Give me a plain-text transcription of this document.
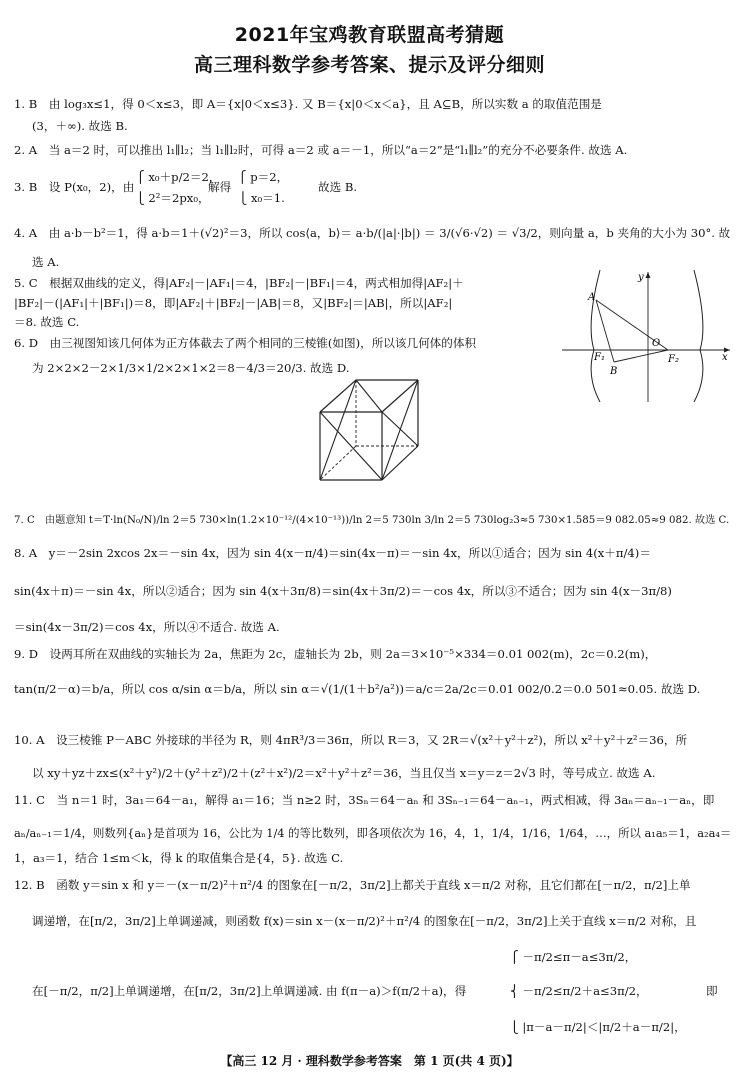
2021年宝鸡教育联盟高考猜题
高三理科数学参考答案、提示及评分细则
1. B　由 log₃x≤1，得 0＜x≤3，即 A＝{x|0＜x≤3}. 又 B＝{x|0＜x＜a}，且 A⊆B，所以实数 a 的取值范围是
(3，＋∞). 故选 B.
2. A　当 a＝2 时，可以推出 l₁∥l₂；当 l₁∥l₂时，可得 a＝2 或 a＝－1，所以“a＝2”是“l₁∥l₂”的充分不必要条件. 故选 A.
⎧ x₀＋p/2＝2，　　⎧ p＝2，
3. B　设 P(x₀，2)，由	解得	故选 B.
⎩ 2²＝2px₀，　　　⎩ x₀＝1.
4. A　由 a·b－b²＝1，得 a·b＝1＋(√2)²＝3，所以 cos⟨a，b⟩＝ a·b/(|a|·|b|) ＝ 3/(√6·√2) ＝ √3/2，则向量 a，b 夹角的大小为 30°. 故
选 A.
5. C　根据双曲线的定义，得|AF₂|－|AF₁|＝4，|BF₂|－|BF₁|＝4，两式相加得|AF₂|＋
|BF₂|－(|AF₁|＋|BF₁|)＝8，即|AF₂|＋|BF₂|－|AB|＝8，又|BF₂|＝|AB|，所以|AF₂|
＝8. 故选 C.
6. D　由三视图知该几何体为正方体截去了两个相同的三棱锥(如图)，所以该几何体的体积
为 2×2×2－2×1/3×1/2×2×1×2＝8－4/3＝20/3. 故选 D.
7. C　由题意知 t＝T·ln(N₀/N)/ln 2＝5 730×ln(1.2×10⁻¹²/(4×10⁻¹³))/ln 2＝5 730ln 3/ln 2＝5 730log₂3≈5 730×1.585＝9 082.05≈9 082. 故选 C.
8. A　y＝－2sin 2xcos 2x＝－sin 4x，因为 sin 4(x－π/4)＝sin(4x－π)＝－sin 4x，所以①适合；因为 sin 4(x＋π/4)＝
sin(4x＋π)＝－sin 4x，所以②适合；因为 sin 4(x＋3π/8)＝sin(4x＋3π/2)＝－cos 4x，所以③不适合；因为 sin 4(x－3π/8)
＝sin(4x－3π/2)＝cos 4x，所以④不适合. 故选 A.
9. D　设两耳所在双曲线的实轴长为 2a，焦距为 2c，虚轴长为 2b，则 2a＝3×10⁻⁵×334＝0.01 002(m)，2c＝0.2(m)，
tan(π/2－α)＝b/a，所以 cos α/sin α＝b/a，所以 sin α＝√(1/(1＋b²/a²))＝a/c＝2a/2c＝0.01 002/0.2＝0.0 501≈0.05. 故选 D.
10. A　设三棱锥 P－ABC 外接球的半径为 R，则 4πR³/3＝36π，所以 R＝3，又 2R＝√(x²＋y²＋z²)，所以 x²＋y²＋z²＝36，所
以 xy＋yz＋zx≤(x²＋y²)/2＋(y²＋z²)/2＋(z²＋x²)/2＝x²＋y²＋z²＝36，当且仅当 x＝y＝z＝2√3 时，等号成立. 故选 A.
11. C　当 n＝1 时，3a₁＝64－a₁，解得 a₁＝16；当 n≥2 时，3Sₙ＝64－aₙ 和 3Sₙ₋₁＝64－aₙ₋₁，两式相减，得 3aₙ＝aₙ₋₁－aₙ，即
aₙ/aₙ₋₁＝1/4，则数列{aₙ}是首项为 16，公比为 1/4 的等比数列，即各项依次为 16，4，1，1/4，1/16，1/64，…，所以 a₁a₅＝1，a₂a₄＝
1，a₃＝1，结合 1≤m＜k，得 k 的取值集合是{4，5}. 故选 C.
12. B　函数 y＝sin x 和 y＝－(x－π/2)²＋π²/4 的图象在[－π/2，3π/2]上都关于直线 x＝π/2 对称，且它们都在[－π/2，π/2]上单
调递增，在[π/2，3π/2]上单调递减，则函数 f(x)＝sin x－(x－π/2)²＋π²/4 的图象在[－π/2，3π/2]上关于直线 x＝π/2 对称，且
⎧ －π/2≤π－a≤3π/2，
在[－π/2，π/2]上单调递增，在[π/2，3π/2]上单调递减. 由 f(π－a)＞f(π/2＋a)，得	⎨ －π/2≤π/2＋a≤3π/2，	即
⎩ |π－a－π/2|＜|π/2＋a－π/2|，
y
A
O
F₁	F₂
B
x
【高三 12 月 · 理科数学参考答案　第 1 页(共 4 页)】
